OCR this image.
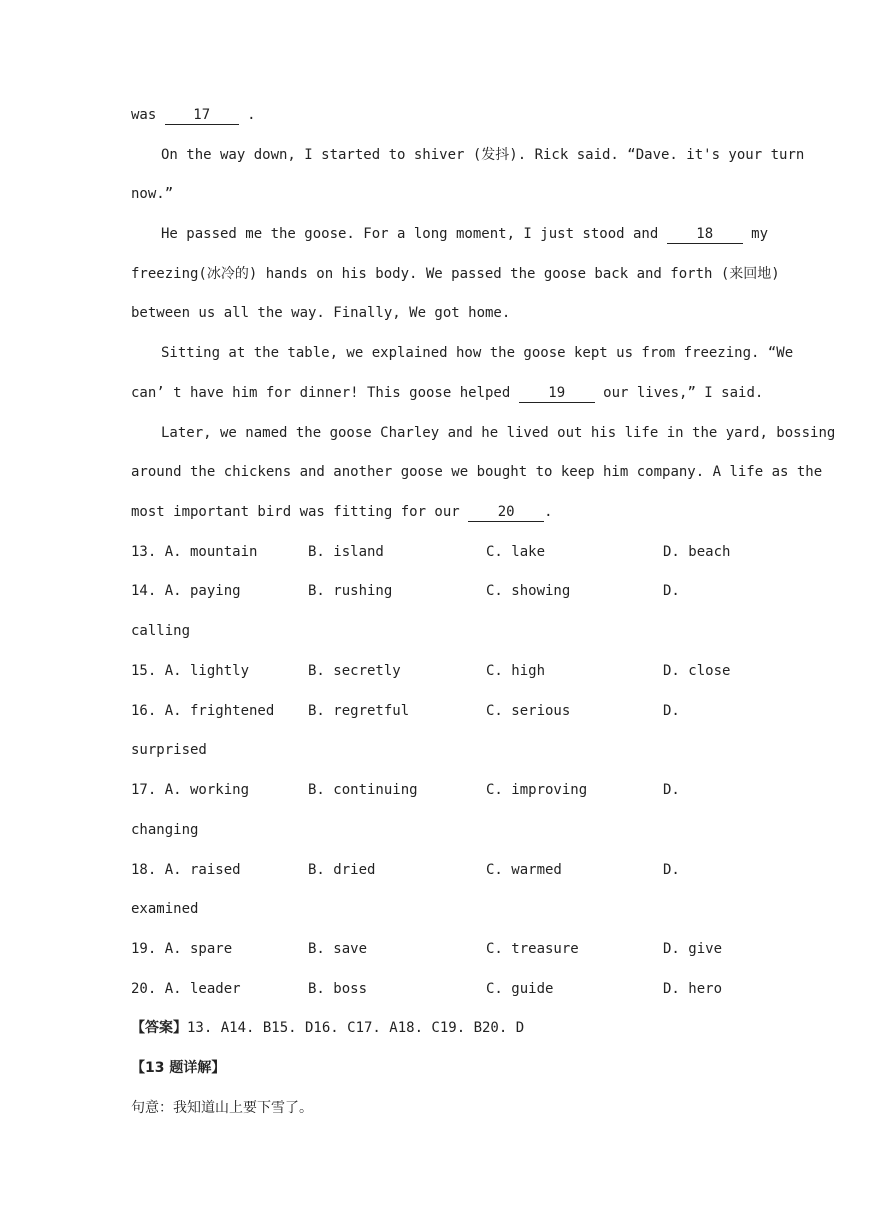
was 17 .
On the way down, I started to shiver (发抖). Rick said. “Dave. it's your turn
now.”
He passed me the goose. For a long moment, I just stood and 18 my
freezing(冰冷的) hands on his body. We passed the goose back and forth (来回地)
between us all the way. Finally, We got home.
Sitting at the table, we explained how the goose kept us from freezing. “We
can’ t have him for dinner! This goose helped 19 our lives,” I said.
Later, we named the goose Charley and he lived out his life in the yard, bossing
around the chickens and another goose we bought to keep him company. A life as the
most important bird was fitting for our 20 .
13. A. mountain	B. island	C. lake	D. beach
14. A. paying	B. rushing	C. showing	D.
calling
15. A. lightly	B. secretly	C. high	D. close
16. A. frightened B. regretful	C. serious	D.
surprised
17. A. working	B. continuing	C. improving	D.
changing
18. A. raised	B. dried	C. warmed	D.
examined
19. A. spare	B. save	C. treasure	D. give
20. A. leader	B. boss	C. guide	D. hero
【答案】13. A14. B15. D16. C17. A18. C19. B20. D
【13 题详解】
句意：我知道山上要下雪了。
